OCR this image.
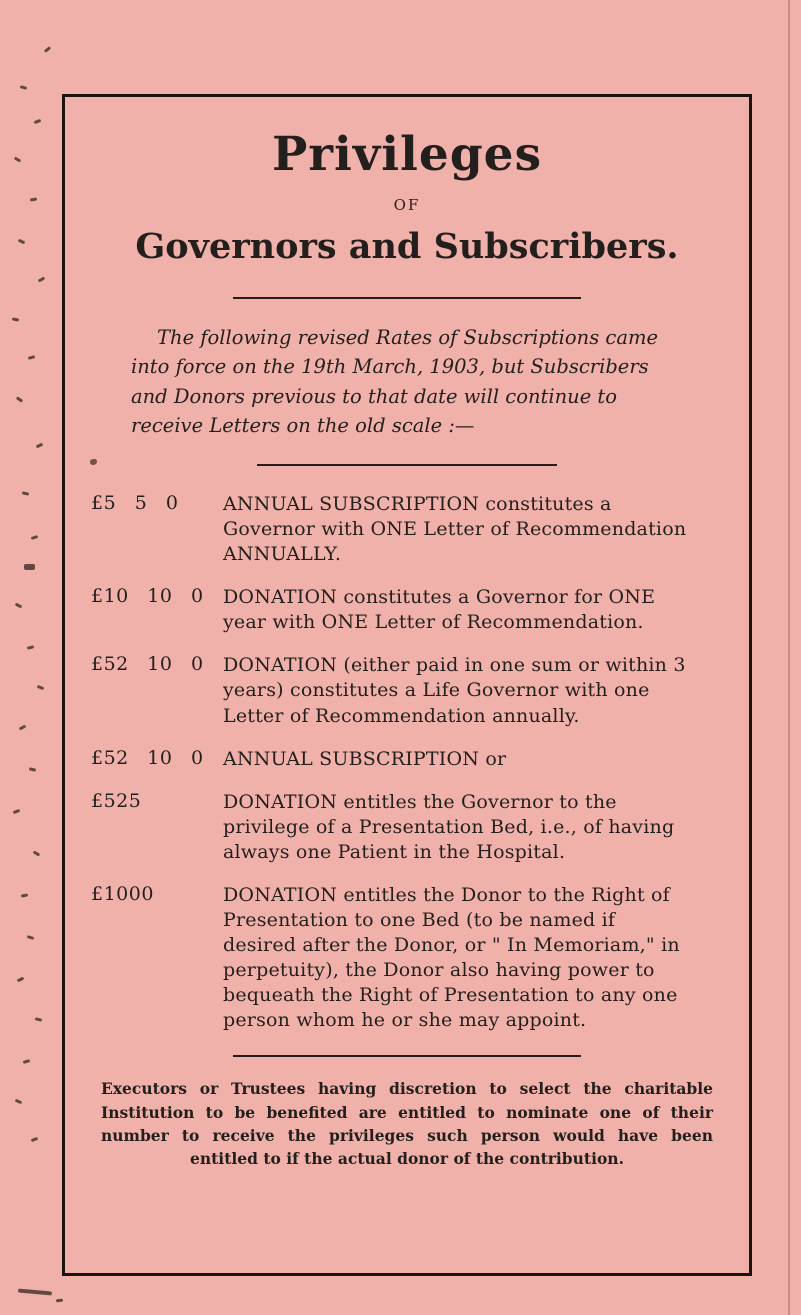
Privileges
OF
Governors and Subscribers.

The following revised Rates of Subscriptions came into force on the 19th March, 1903, but Subscribers and Donors previous to that date will continue to receive Letters on the old scale :—

£5 5 0	ANNUAL SUBSCRIPTION constitutes a Governor with ONE Letter of Recommendation ANNUALLY.
£10 10 0	DONATION constitutes a Governor for ONE year with ONE Letter of Recommendation.
£52 10 0	DONATION (either paid in one sum or within 3 years) constitutes a Life Governor with one Letter of Recommendation annually.
£52 10 0	ANNUAL SUBSCRIPTION or
£525	DONATION entitles the Governor to the privilege of a Presentation Bed, i.e., of having always one Patient in the Hospital.
£1000	DONATION entitles the Donor to the Right of Presentation to one Bed (to be named if desired after the Donor, or " In Memoriam," in perpetuity), the Donor also having power to bequeath the Right of Presentation to any one person whom he or she may appoint.

Executors or Trustees having discretion to select the charitable Institution to be benefited are entitled to nominate one of their number to receive the privileges such person would have been entitled to if the actual donor of the contribution.
